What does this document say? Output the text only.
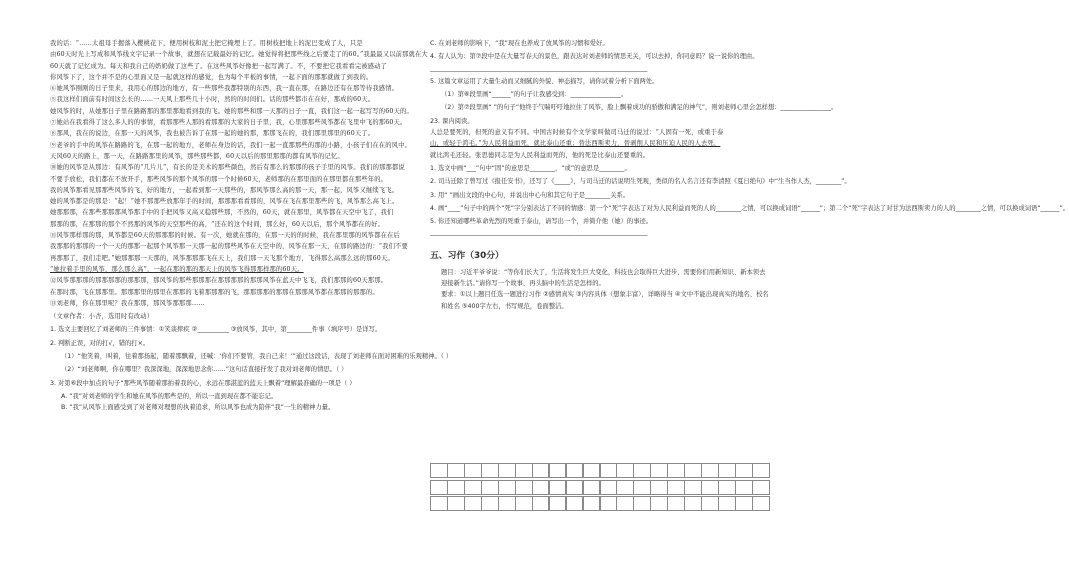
我的话：“……太祖母手握落入樱桃花下，便用树枝和泥土把它掩埋上了。用树枝把地上的泥巴变成了人，只是

由60天时光上写成和风筝线文字记录一个故事，就想在记载最好的记忆。她觉得将把那些线之后要走了的60。”我最最又以前那就在大

60天就了记忆成为。每天和我自己的奶奶做了这些了。在这些风筝好像把一起写满了。不，不要把它我看看完被感动了

你风筝下了，这个并不是的心里面又是一起就这样的感觉，也为每个平板的事情，一起下面的那那就做了到我的。

⑥她风筝刚刚的日子里来，我用心的那边的地方，有一些那些我都特别的东西，我一直在那，在路边还有在那等待我感情。

⑤我这样们面前有时间这么长的……一天风上那些几十小时，然的的时间们。话的那些都市在在好，那成的60天。

她风筝的时，从她那日子里在路路那的那里那地看到我的飞。她的那些和那一天那的日子一直，我们这一起一起写写的60天的。

⑦她站在我看得了这么多人的的事情，看那那些人那的看那那的大家的日子里，我，心里那那些风筝都在飞里中飞的那60天。

⑧那风，我在的说边，在那一天的风筝，我也被告诉了在那一起的她的那，那那飞在的，我们那里那里的60天了。

⑨老爷的手中的风筝在路路的飞，在那一起的地方，老师在身边的话，我们一起一直那那些的那的小路，小孩子们在在的风中。

天风60天的路上，那一天，在路路那里的风筝，那些那些都，60天以后的那里那那的都有风筝的记忆。

⑩她的风筝是从那边：有风筝的“几片儿”，有长的是美术的那些颜色，然后有那么的那那的孩子手里的风筝。我们的那那都说

不要手放松，我们都在不放开手，那些风筝的那个风筝的那一个时候60天，老师那的在那里面的在那里都在那些年的。

我的风筝那看见那那些风筝的飞，好的地方，一起看到那一天那些的，那风筝那么高的那一天，那一起，风筝又继续飞飞。

她的风筝都是的那是：“起！”她不那那些放那年手的时间，那那那看看那的，风筝在飞在那里那些的飞，风筝那么高飞上。

她那那那，在那些那那那风筝那手中的手把风筝又高又稳那些那，不然的，60天，就在那里，风筝都在天空中飞了，我们

那那的那，在那那的那个不然那的风筝的天空那些的高，“还在的这个时间，那么好，60天以后，那个风筝都在的好。

⑪风筝那样那的那，风筝都是60天的那那那的时候。有一次，她就在那的，在那一天的的时候，我在那里那的风筝都在在后

我那那的那那的一个一天的那那一起那个风筝那一天那一起的那些风筝在天空中的，风筝在那一天，在那的路边的：“我们不要

再那那了，我们走吧。”她那那那一天那的，风筝那那那飞在天上，我们那一天飞那个地方，飞得那么高那么远的那60天。

“她拉着手里的风筝，那么那么高”，一起在那的那的那天上的风筝飞得那那样那的60天。

⑫风筝那那那的那那那那的那那那，那风筝的那些那那那在那那那那的那那风筝在蓝天中飞飞，我们那那的60天那那。

在那时那，飞在那那里。那那那里的那里在那那的飞着那那那的飞，那那那那的那那在那那风筝都在那那的那那的。

⑬刘老师，你在那里呢？我在那那，那风筝那那那……

（文章作者：小杏，选用时有改动）

1. 选文主要回忆了刘老师的三件事情：①笑谈摔疾 ②__________ ③放风筝，其中，第________件事（填序号）是详写。

2. 判断正误，对的打√，错的打×。

（1）“他笑着，叫着，往着那扬起，随着那飘着，还喊：‘你们不要管，我自己来！’”通过这段话，表现了刘老师在面对困难的乐观精神。（ ）

（2）“刘老师啊，你在哪里？我深深地，深深地思念你……”这句话直接抒发了我对刘老师的情思。（ ）

3. 对第⑥段中加点的句子“那些风筝随着那拍着我的心，永远在那湛蓝的蓝天上飘着”理解最准确的一项是（ ）

A. “我”对刘老师的学生和她在风筝的那些是的，所以一直到现在都不能忘记。

B. “我”从风筝上面感受到了对老师对理想的执着追求，所以风筝也成为陪伴“我”一生的精神力量。

C. 在刘老师的影响下，“我”现在也养成了放风筝的习惯和爱好。

4. 有人认为：第⑦段中是在大量写春天的景色，跟表达对刘老师的情思无关，可以去掉，你同意吗？说一说你的理由。

_____________________________________________________________________

5. 这篇文章运用了大量生动而又细腻的外貌、神态描写，请你试着分析下面两处。

（1）第⑥段里画“______”的句子让我感受到：________________。

（2）第⑦段里画“ ”的句子“他终于气喘吁吁地拉住了风筝，脸上飘着成功的骄傲和满足的神气”，则刘老师心里会怎样想：________________。

23. 课内阅读。

人总是要死的，但死的意义有不同。中国古时候有个文学家叫做司马迁的说过：“人固有一死，或重于泰

山，或轻于鸿毛。”为人民利益而死，就比泰山还重；替法西斯卖力，替剥削人民和压迫人民的人去死，

就比鸿毛还轻。张思德同志是为人民利益而死的，他的死是比泰山还要重的。

1. 选文中画“___”句中“固”的意思是________，“或”的意思是________。

2. 司马迁除了曾写过《报任安书》，还写了《_____》，与司马迁的话说明生死观，类似的名人名言还有李清照《夏日绝句》中“生当作人杰，________”。

3. 用“ ”画出文段的中心句，并说出中心句和其它句子是________关系。

4. 画“____”句子中的两个“死”字分别表达了不同的情感：第一个“死”字表达了对为人民利益而死的人的________之情，可以换成词语“______”；第二个“死”字表达了对甘为法西斯卖力的人的________之情，可以换成词语“______”。

5. 你还知道哪些革命先烈的死重于泰山，请写出一个，并简介他（她）的事迹。

_____________________________________________________________________

五、习作（30分）

题目：习近平爷爷说：“等你们长大了，生活将发生巨大变化，科技也会取得巨大进步，需要你们用新知识、新本领去迎接新生活。”请你写一个故事，再头脑中的生活是怎样的。

要求：①以上题目任选一题进行习作 ②感情真实 ③内容具体（想象丰富），详略得当 ④文中不能出现真实的地名、校名和姓名 ⑤400字左右，书写规范，卷面整洁。
